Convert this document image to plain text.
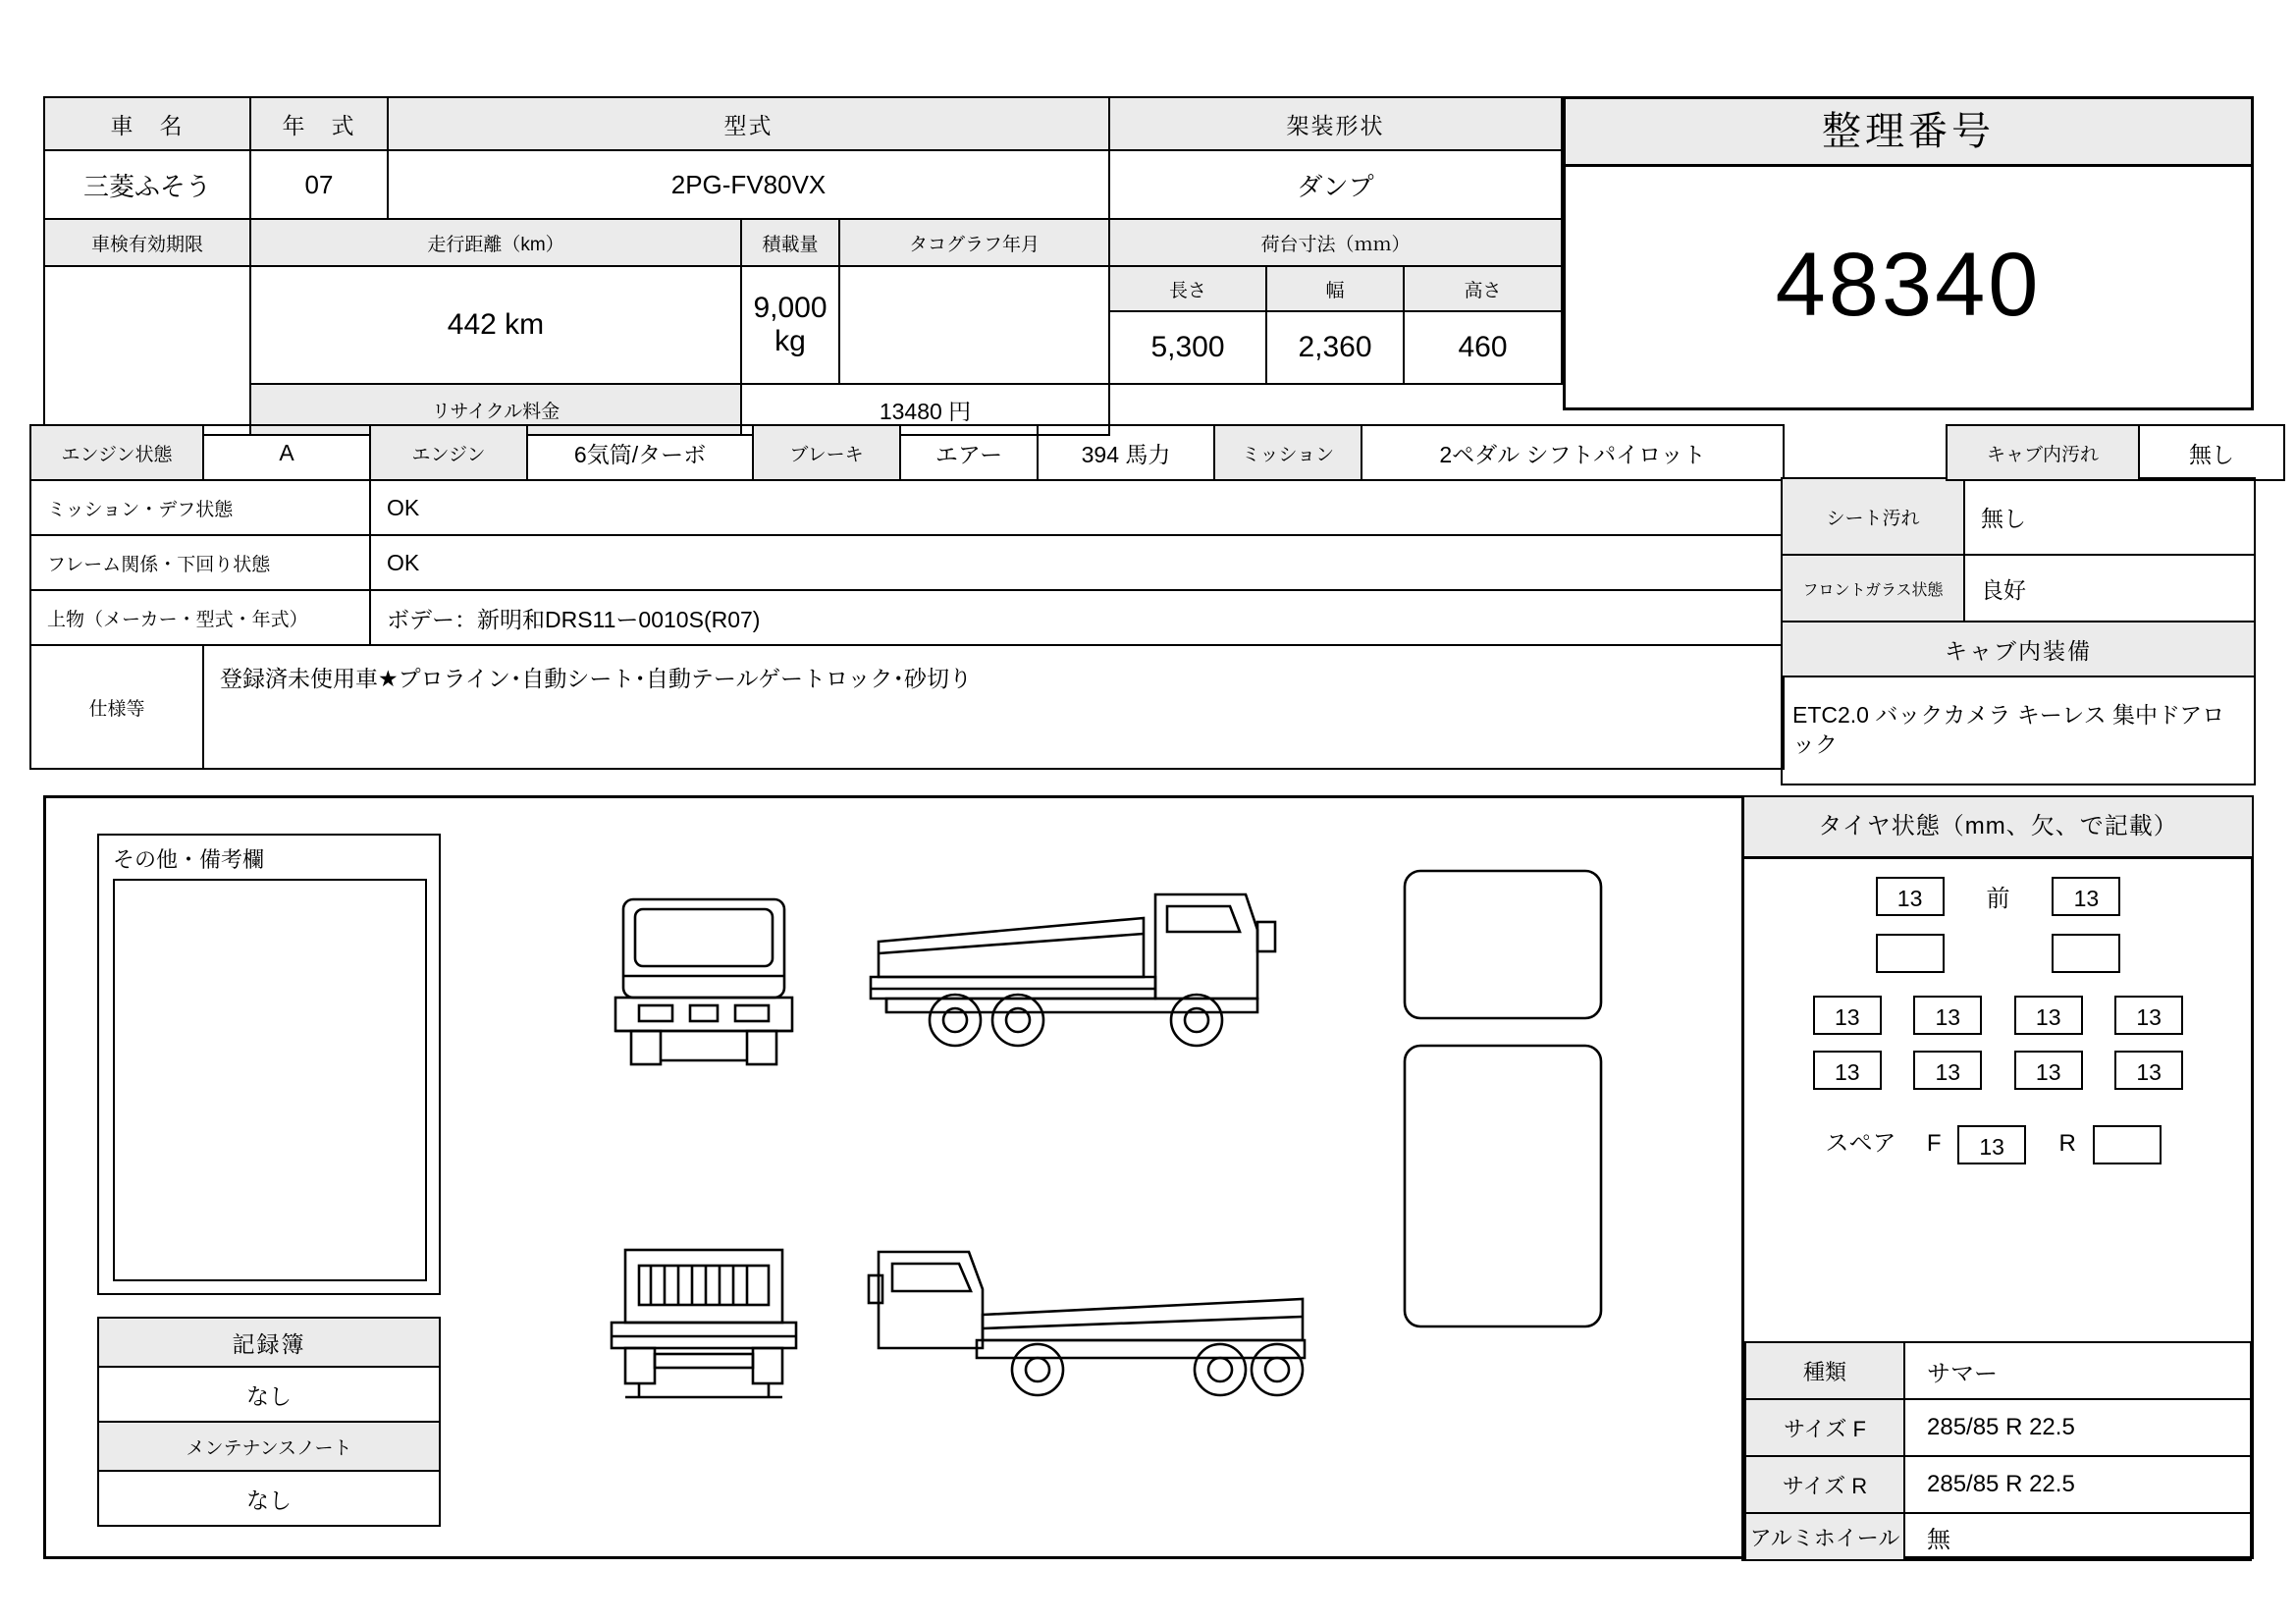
車　名	年　式	型式			架装形状		
三菱ふそう	07	2PG-FV80VX			ダンプ		
車検有効期限	走行距離（km）		積載量	タコグラフ年月	荷台寸法（ｍｍ）		
	442 km		9,000 kg		長さ	幅	高さ
					5,300	2,360	460
	リサイクル料金		13480 円				
整理番号
48340
エンジン状態	A	エンジン	6気筒/ターボ	ブレーキ	エアー	394 馬力	ミッション	2ペダル シフトパイロット
ミッション・デフ状態		OK						
フレーム関係・下回り状態		OK						
上物（メーカー・型式・年式）		ボデー：新明和DRS11ー0010S(R07)						
仕様等	登録済未使用車★プロライン･自動シート･自動テールゲートロック･砂切り							

シート汚れ	無し
フロントガラス状態	良好
キャブ内装備	
ETC2.0 バックカメラ キーレス 集中ドアロック	
キャブ内汚れ	無し
その他・備考欄
記録簿
なし
メンテナンスノート
なし
タイヤ状態（mm、欠、で記載）
13	前	13

13	13	13	13
13	13	13	13
スペア F 13 R
種類	サマー
サイズ F	285/85 R 22.5
サイズ R	285/85 R 22.5
アルミホイール	無
